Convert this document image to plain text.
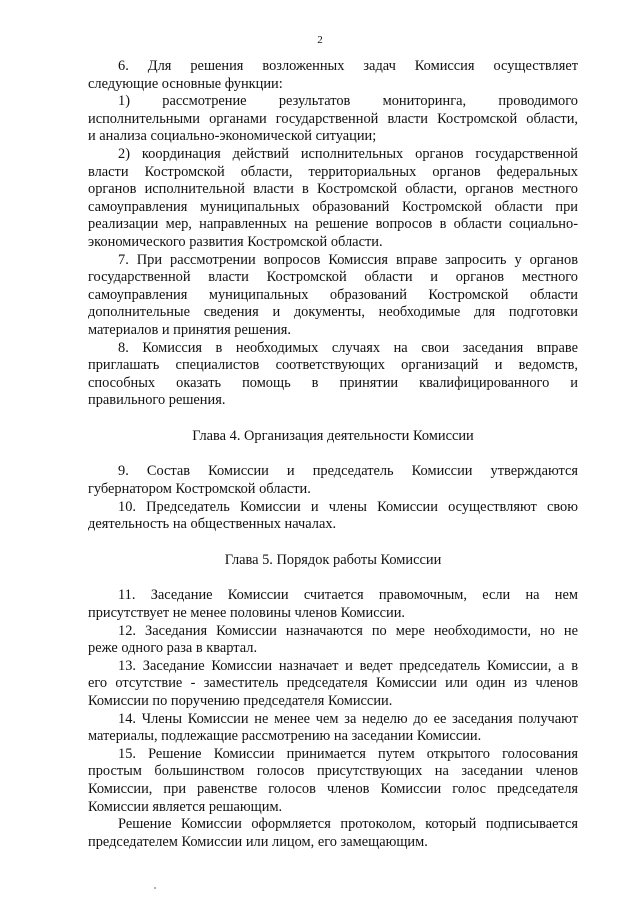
2

6. Для решения возложенных задач Комиссия осуществляет
следующие основные функции:

1) рассмотрение результатов мониторинга, проводимого
исполнительными органами государственной власти Костромской области,
и анализа социально-экономической ситуации;

2) координация действий исполнительных органов государственной
власти Костромской области, территориальных органов федеральных
органов исполнительной власти в Костромской области, органов местного
самоуправления муниципальных образований Костромской области при
реализации мер, направленных на решение вопросов в области социально-
экономического развития Костромской области.

7. При рассмотрении вопросов Комиссия вправе запросить у органов
государственной власти Костромской области и органов местного
самоуправления муниципальных образований Костромской области
дополнительные сведения и документы, необходимые для подготовки
материалов и принятия решения.

8. Комиссия в необходимых случаях на свои заседания вправе
приглашать специалистов соответствующих организаций и ведомств,
способных оказать помощь в принятии квалифицированного и
правильного решения.

Глава 4. Организация деятельности Комиссии

9. Состав Комиссии и председатель Комиссии утверждаются
губернатором Костромской области.

10. Председатель Комиссии и члены Комиссии осуществляют свою
деятельность на общественных началах.

Глава 5. Порядок работы Комиссии

11. Заседание Комиссии считается правомочным, если на нем
присутствует не менее половины членов Комиссии.

12. Заседания Комиссии назначаются по мере необходимости, но не
реже одного раза в квартал.

13. Заседание Комиссии назначает и ведет председатель Комиссии, а в
его отсутствие - заместитель председателя Комиссии или один из членов
Комиссии по поручению председателя Комиссии.

14. Члены Комиссии не менее чем за неделю до ее заседания получают
материалы, подлежащие рассмотрению на заседании Комиссии.

15. Решение Комиссии принимается путем открытого голосования
простым большинством голосов присутствующих на заседании членов
Комиссии, при равенстве голосов членов Комиссии голос председателя
Комиссии является решающим.

Решение Комиссии оформляется протоколом, который подписывается
председателем Комиссии или лицом, его замещающим.
